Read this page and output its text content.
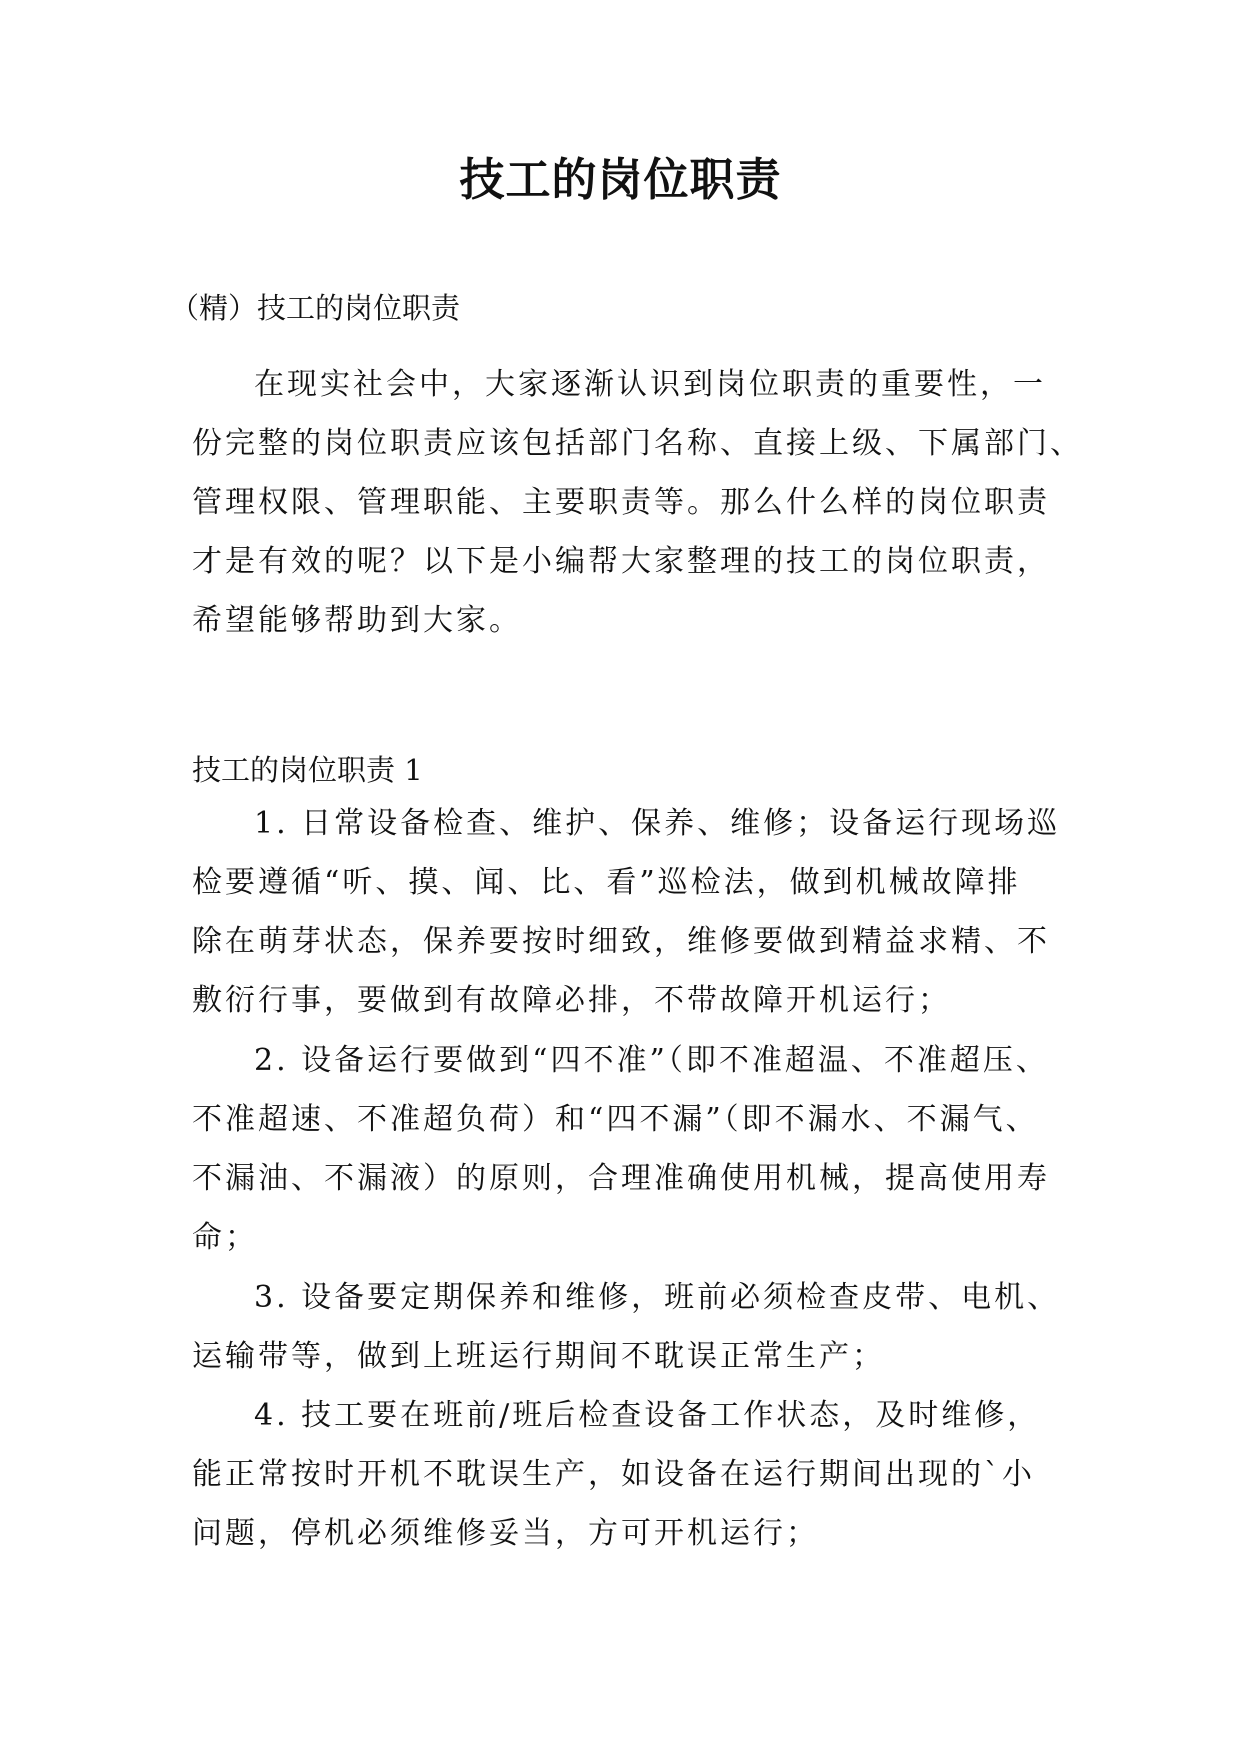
技工的岗位职责

（精）技工的岗位职责

在现实社会中，大家逐渐认识到岗位职责的重要性，一
份完整的岗位职责应该包括部门名称、直接上级、下属部门、
管理权限、管理职能、主要职责等。那么什么样的岗位职责
才是有效的呢？以下是小编帮大家整理的技工的岗位职责，
希望能够帮助到大家。

技工的岗位职责 1

1. 日常设备检查、维护、保养、维修；设备运行现场巡
检要遵循“听、摸、闻、比、看”巡检法，做到机械故障排
除在萌芽状态，保养要按时细致，维修要做到精益求精、不
敷衍行事，要做到有故障必排，不带故障开机运行；
2. 设备运行要做到“四不准”（即不准超温、不准超压、
不准超速、不准超负荷）和“四不漏”（即不漏水、不漏气、
不漏油、不漏液）的原则，合理准确使用机械，提高使用寿
命；
3. 设备要定期保养和维修，班前必须检查皮带、电机、
运输带等，做到上班运行期间不耽误正常生产；
4. 技工要在班前/班后检查设备工作状态，及时维修，
能正常按时开机不耽误生产，如设备在运行期间出现的`小
问题，停机必须维修妥当，方可开机运行；
